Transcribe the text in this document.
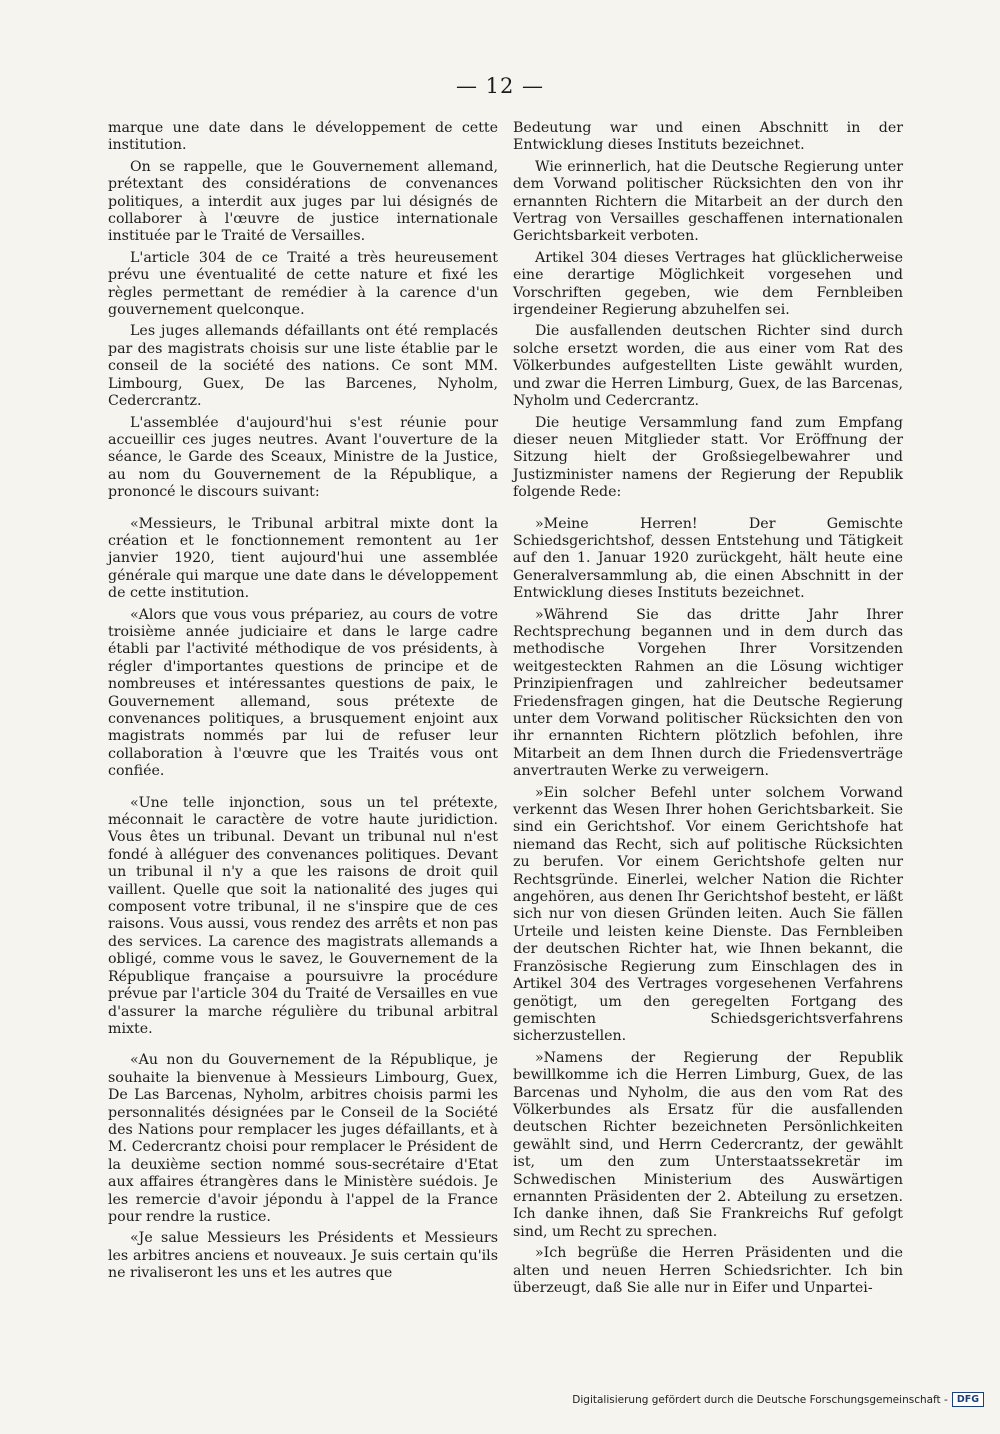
— 12 —

marque une date dans le développement de cette institution.

On se rappelle, que le Gouvernement allemand, prétextant des considérations de convenances politiques, a interdit aux juges par lui désignés de collaborer à l'œuvre de justice internationale instituée par le Traité de Versailles.

L'article 304 de ce Traité a très heureusement prévu une éventualité de cette nature et fixé les règles permettant de remédier à la carence d'un gouvernement quelconque.

Les juges allemands défaillants ont été remplacés par des magistrats choisis sur une liste établie par le conseil de la société des nations. Ce sont MM. Limbourg, Guex, De las Barcenes, Nyholm, Cedercrantz.

L'assemblée d'aujourd'hui s'est réunie pour accueillir ces juges neutres. Avant l'ouverture de la séance, le Garde des Sceaux, Ministre de la Justice, au nom du Gouvernement de la République, a prononcé le discours suivant:

«Messieurs, le Tribunal arbitral mixte dont la création et le fonctionnement remontent au 1er janvier 1920, tient aujourd'hui une assemblée générale qui marque une date dans le développement de cette institution.

«Alors que vous vous prépariez, au cours de votre troisième année judiciaire et dans le large cadre établi par l'activité méthodique de vos présidents, à régler d'importantes questions de principe et de nombreuses et intéressantes questions de paix, le Gouvernement allemand, sous prétexte de convenances politiques, a brusquement enjoint aux magistrats nommés par lui de refuser leur collaboration à l'œuvre que les Traités vous ont confiée.

«Une telle injonction, sous un tel prétexte, méconnait le caractère de votre haute juridiction. Vous êtes un tribunal. Devant un tribunal nul n'est fondé à alléguer des convenances politiques. Devant un tribunal il n'y a que les raisons de droit quil vaillent. Quelle que soit la nationalité des juges qui composent votre tribunal, il ne s'inspire que de ces raisons. Vous aussi, vous rendez des arrêts et non pas des services. La carence des magistrats allemands a obligé, comme vous le savez, le Gouvernement de la République française a poursuivre la procédure prévue par l'article 304 du Traité de Versailles en vue d'assurer la marche régulière du tribunal arbitral mixte.

«Au non du Gouvernement de la République, je souhaite la bienvenue à Messieurs Limbourg, Guex, De Las Barcenas, Nyholm, arbitres choisis parmi les personnalités désignées par le Conseil de la Société des Nations pour remplacer les juges défaillants, et à M. Cedercrantz choisi pour remplacer le Président de la deuxième section nommé sous-secrétaire d'Etat aux affaires étrangères dans le Ministère suédois. Je les remercie d'avoir jépondu à l'appel de la France pour rendre la rustice.

«Je salue Messieurs les Présidents et Messieurs les arbitres anciens et nouveaux. Je suis certain qu'ils ne rivaliseront les uns et les autres que

Bedeutung war und einen Abschnitt in der Entwicklung dieses Instituts bezeichnet.

Wie erinnerlich, hat die Deutsche Regierung unter dem Vorwand politischer Rücksichten den von ihr ernannten Richtern die Mitarbeit an der durch den Vertrag von Versailles geschaffenen internationalen Gerichtsbarkeit verboten.

Artikel 304 dieses Vertrages hat glücklicherweise eine derartige Möglichkeit vorgesehen und Vorschriften gegeben, wie dem Fernbleiben irgendeiner Regierung abzuhelfen sei.

Die ausfallenden deutschen Richter sind durch solche ersetzt worden, die aus einer vom Rat des Völkerbundes aufgestellten Liste gewählt wurden, und zwar die Herren Limburg, Guex, de las Barcenas, Nyholm und Cedercrantz.

Die heutige Versammlung fand zum Empfang dieser neuen Mitglieder statt. Vor Eröffnung der Sitzung hielt der Großsiegelbewahrer und Justizminister namens der Regierung der Republik folgende Rede:

»Meine Herren! Der Gemischte Schiedsgerichtshof, dessen Entstehung und Tätigkeit auf den 1. Januar 1920 zurückgeht, hält heute eine Generalversammlung ab, die einen Abschnitt in der Entwicklung dieses Instituts bezeichnet.

»Während Sie das dritte Jahr Ihrer Rechtsprechung begannen und in dem durch das methodische Vorgehen Ihrer Vorsitzenden weitgesteckten Rahmen an die Lösung wichtiger Prinzipienfragen und zahlreicher bedeutsamer Friedensfragen gingen, hat die Deutsche Regierung unter dem Vorwand politischer Rücksichten den von ihr ernannten Richtern plötzlich befohlen, ihre Mitarbeit an dem Ihnen durch die Friedensverträge anvertrauten Werke zu verweigern.

»Ein solcher Befehl unter solchem Vorwand verkennt das Wesen Ihrer hohen Gerichtsbarkeit. Sie sind ein Gerichtshof. Vor einem Gerichtshofe hat niemand das Recht, sich auf politische Rücksichten zu berufen. Vor einem Gerichtshofe gelten nur Rechtsgründe. Einerlei, welcher Nation die Richter angehören, aus denen Ihr Gerichtshof besteht, er läßt sich nur von diesen Gründen leiten. Auch Sie fällen Urteile und leisten keine Dienste. Das Fernbleiben der deutschen Richter hat, wie Ihnen bekannt, die Französische Regierung zum Einschlagen des in Artikel 304 des Vertrages vorgesehenen Verfahrens genötigt, um den geregelten Fortgang des gemischten Schiedsgerichtsverfahrens sicherzustellen.

»Namens der Regierung der Republik bewillkomme ich die Herren Limburg, Guex, de las Barcenas und Nyholm, die aus den vom Rat des Völkerbundes als Ersatz für die ausfallenden deutschen Richter bezeichneten Persönlichkeiten gewählt sind, und Herrn Cedercrantz, der gewählt ist, um den zum Unterstaatssekretär im Schwedischen Ministerium des Auswärtigen ernannten Präsidenten der 2. Abteilung zu ersetzen. Ich danke ihnen, daß Sie Frankreichs Ruf gefolgt sind, um Recht zu sprechen.

»Ich begrüße die Herren Präsidenten und die alten und neuen Herren Schiedsrichter. Ich bin überzeugt, daß Sie alle nur in Eifer und Unpartei-

Digitalisierung gefördert durch die Deutsche Forschungsgemeinschaft - DFG
